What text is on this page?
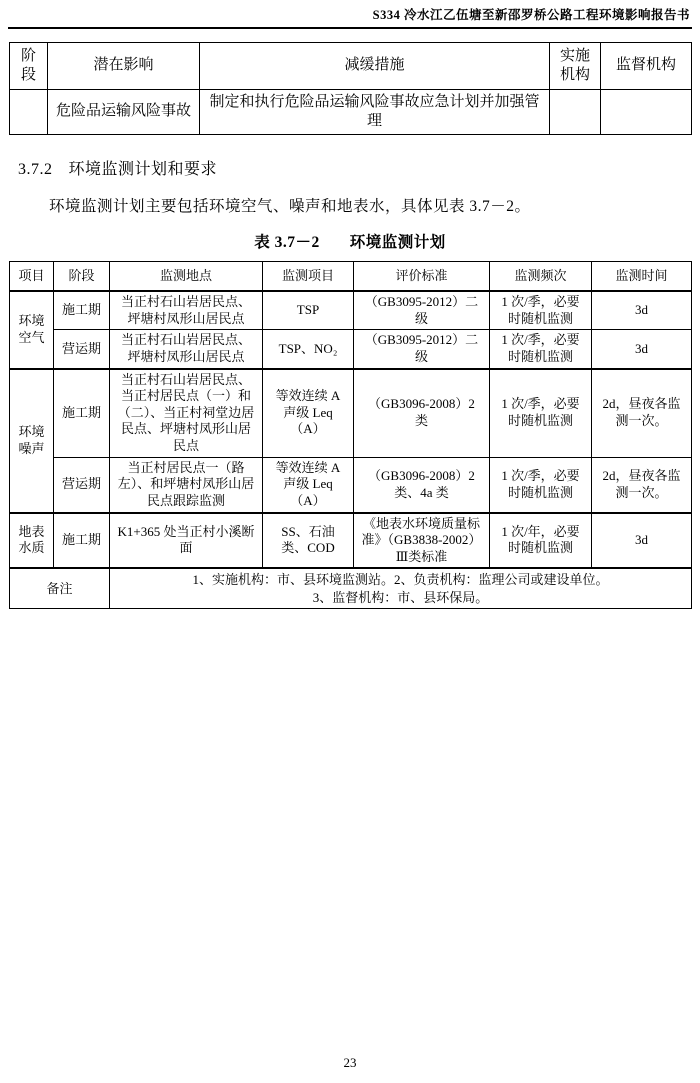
S334 冷水江乙伍塘至新邵罗桥公路工程环境影响报告书
阶段	潜在影响	减缓措施	实施机构	监督机构
	危险品运输风险事故	制定和执行危险品运输风险事故应急计划并加强管理		
3.7.2 环境监测计划和要求

环境监测计划主要包括环境空气、噪声和地表水，具体见表 3.7－2。

表 3.7－2 环境监测计划
项目	阶段	监测地点	监测项目	评价标准	监测频次	监测时间
环境空气	施工期	当正村石山岩居民点、坪塘村凤形山居民点	TSP	（GB3095-2012）二级	1 次/季，必要时随机监测	3d
	营运期	当正村石山岩居民点、坪塘村凤形山居民点	TSP、NO₂	（GB3095-2012）二级	1 次/季，必要时随机监测	3d
环境噪声	施工期	当正村石山岩居民点、当正村居民点（一）和（二）、当正村祠堂边居民点、坪塘村凤形山居民点	等效连续 A 声级 Leq（A）	（GB3096-2008）2 类	1 次/季，必要时随机监测	2d，昼夜各监测一次。
	营运期	当正村居民点一（路左）、和坪塘村凤形山居民点跟踪监测	等效连续 A 声级 Leq（A）	（GB3096-2008）2 类、4a 类	1 次/季，必要时随机监测	2d，昼夜各监测一次。
地表水质	施工期	K1+365 处当正村小溪断面	SS、石油类、COD	《地表水环境质量标准》（GB3838-2002）Ⅲ类标准	1 次/年，必要时随机监测	3d
备注		1、实施机构：市、县环境监测站。2、负责机构：监理公司或建设单位。
3、监督机构：市、县环保局。				
23
